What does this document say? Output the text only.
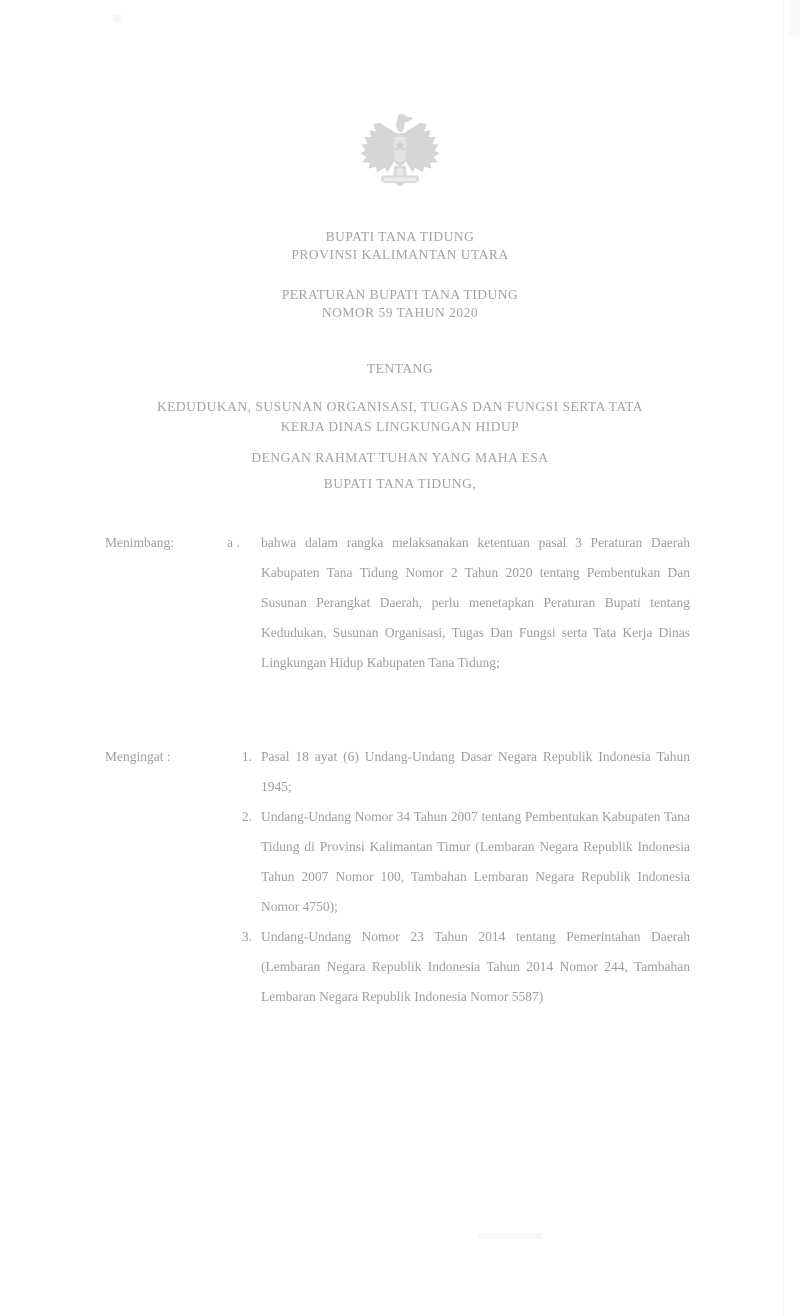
BUPATI TANA TIDUNG
PROVINSI KALIMANTAN UTARA
PERATURAN BUPATI TANA TIDUNG
NOMOR 59 TAHUN 2020
TENTANG
KEDUDUKAN, SUSUNAN ORGANISASI, TUGAS DAN FUNGSI SERTA TATA
KERJA DINAS LINGKUNGAN HIDUP
DENGAN RAHMAT TUHAN YANG MAHA ESA
BUPATI TANA TIDUNG,
Menimbang:	a .	bahwa dalam rangka melaksanakan ketentuan pasal 3 Peraturan Daerah Kabupaten Tana Tidung Nomor 2 Tahun 2020 tentang Pembentukan Dan Susunan Perangkat Daerah, perlu menetapkan Peraturan Bupati tentang Kedudukan, Susunan Organisasi, Tugas Dan Fungsi serta Tata Kerja Dinas Lingkungan Hidup Kabupaten Tana Tidung;
Mengingat :	1. Pasal 18 ayat (6) Undang-Undang Dasar Negara Republik Indonesia Tahun 1945;
2. Undang-Undang Nomor 34 Tahun 2007 tentang Pembentukan Kabupaten Tana Tidung di Provinsi Kalimantan Timur (Lembaran Negara Republik Indonesia Tahun 2007 Nomor 100, Tambahan Lembaran Negara Republik Indonesia Nomor 4750);
3. Undang-Undang Nomor 23 Tahun 2014 tentang Pemerintahan Daerah (Lembaran Negara Republik Indonesia Tahun 2014 Nomor 244, Tambahan Lembaran Negara Republik Indonesia Nomor 5587)
